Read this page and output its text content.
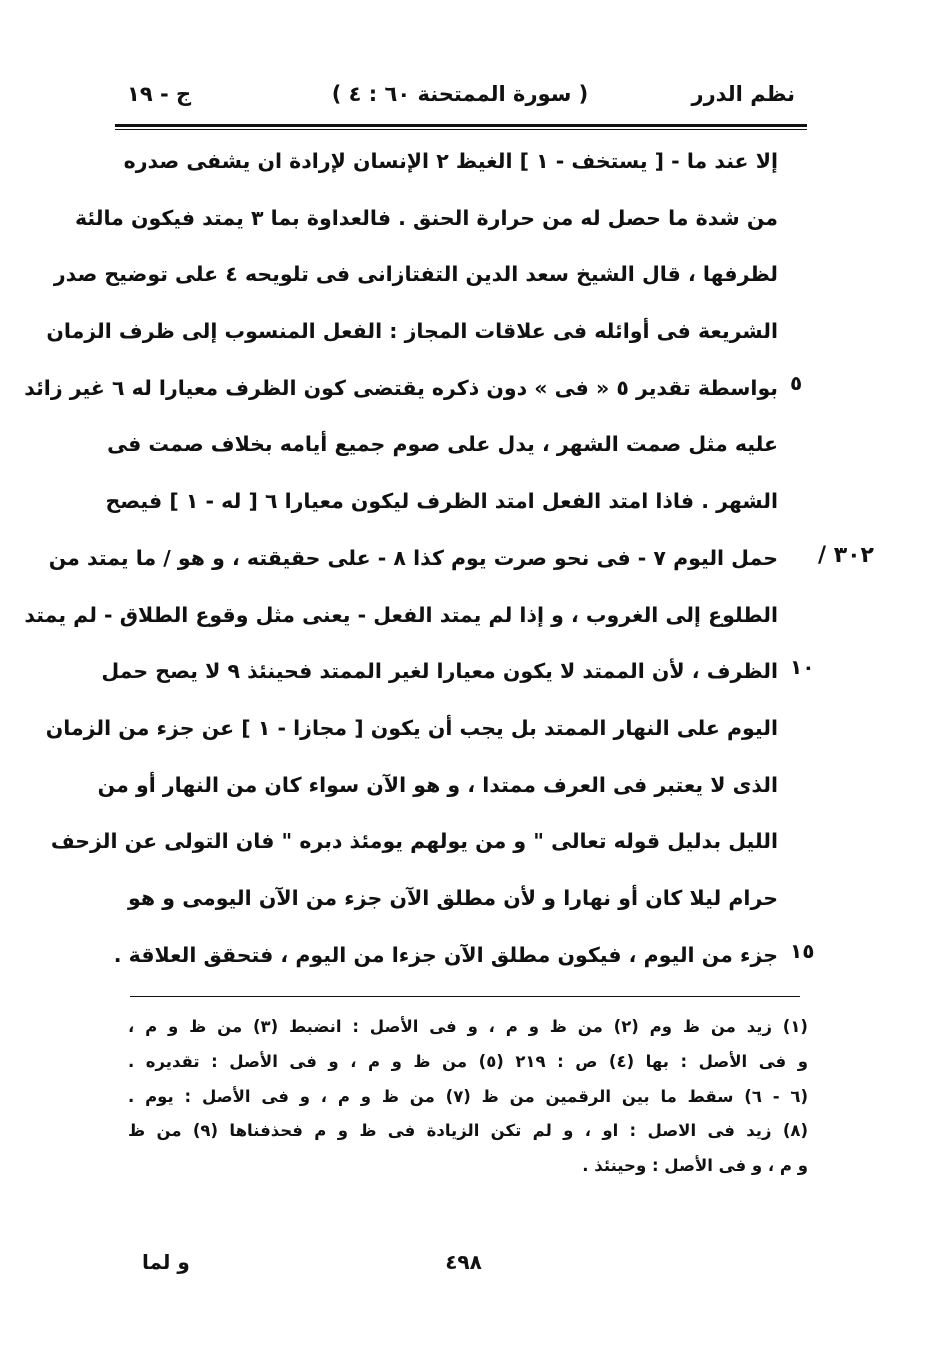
نظم الدرر
( سورة الممتحنة ٦٠ : ٤ )
ج - ١٩
إلا عند ما - [ يستخف - ١ ] الغيظ ٢ الإنسان لإرادة ان يشفى صدره
من شدة ما حصل له من حرارة الحنق . فالعداوة بما ٣ يمتد فيكون مالئة
لظرفها ، قال الشيخ سعد الدين التفتازانى فى تلويحه ٤ على توضيح صدر
الشريعة فى أوائله فى علاقات المجاز : الفعل المنسوب إلى ظرف الزمان
بواسطة تقدير ٥ « فى » دون ذكره يقتضى كون الظرف معيارا له ٦ غير زائد
عليه مثل صمت الشهر ، يدل على صوم جميع أيامه بخلاف صمت فى
الشهر . فاذا امتد الفعل امتد الظرف ليكون معيارا ٦ [ له - ١ ] فيصح
حمل اليوم ٧ - فى نحو صرت يوم كذا ٨ - على حقيقته ، و هو / ما يمتد من
الطلوع إلى الغروب ، و إذا لم يمتد الفعل - يعنى مثل وقوع الطلاق - لم يمتد
الظرف ، لأن الممتد لا يكون معيارا لغير الممتد فحينئذ ٩ لا يصح حمل
اليوم على النهار الممتد بل يجب أن يكون [ مجازا - ١ ] عن جزء من الزمان
الذى لا يعتبر فى العرف ممتدا ، و هو الآن سواء كان من النهار أو من
الليل بدليل قوله تعالى " و من يولهم يومئذ دبره " فان التولى عن الزحف
حرام ليلا كان أو نهارا و لأن مطلق الآن جزء من الآن اليومى و هو
جزء من اليوم ، فيكون مطلق الآن جزءا من اليوم ، فتحقق العلاقة .
٥
١٠
١٥
٣٠٢ /
(١) زيد من ظ وم (٢) من ظ و م ، و فى الأصل : انضبط (٣) من ظ و م ،
و فى الأصل : بها (٤) ص : ٢١٩ (٥) من ظ و م ، و فى الأصل : تقديره .
(٦ - ٦) سقط ما بين الرقمين من ظ (٧) من ظ و م ، و فى الأصل : يوم .
(٨) زيد فى الاصل : او ، و لم تكن الزيادة فى ظ و م فحذفناها (٩) من ظ
و م ، و فى الأصل : وحينئذ .
٤٩٨
و لما
